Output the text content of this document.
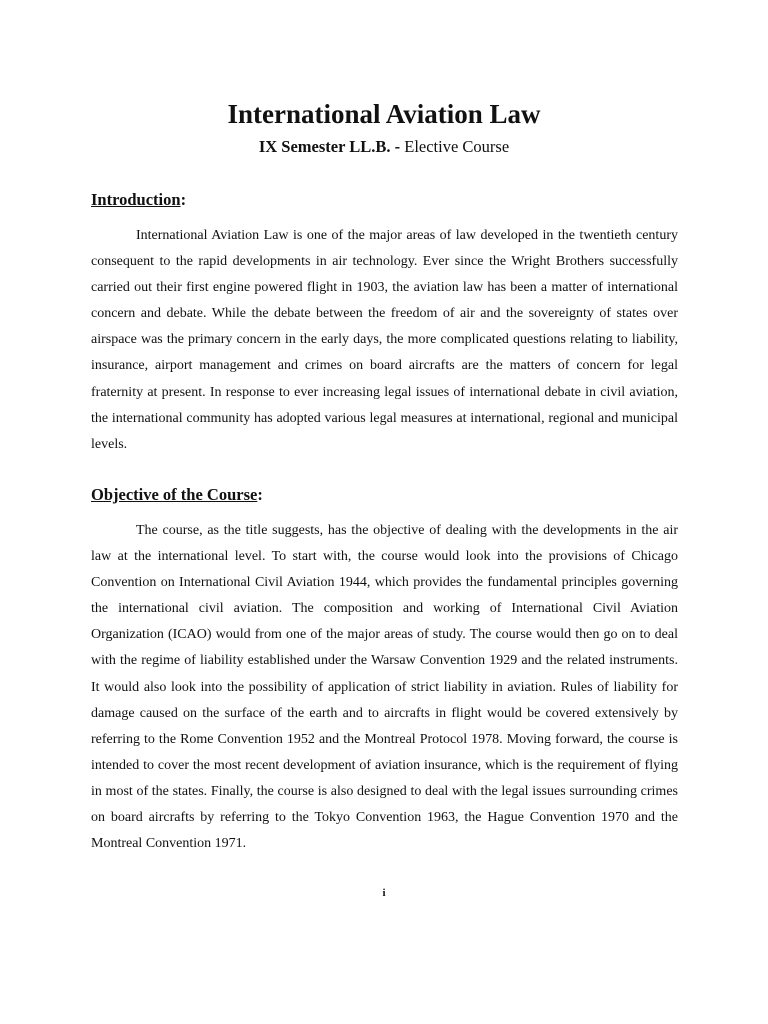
International Aviation Law
IX Semester LL.B. - Elective Course
Introduction:

International Aviation Law is one of the major areas of law developed in the twentieth century consequent to the rapid developments in air technology. Ever since the Wright Brothers successfully carried out their first engine powered flight in 1903, the aviation law has been a matter of international concern and debate. While the debate between the freedom of air and the sovereignty of states over airspace was the primary concern in the early days, the more complicated questions relating to liability, insurance, airport management and crimes on board aircrafts are the matters of concern for legal fraternity at present. In response to ever increasing legal issues of international debate in civil aviation, the international community has adopted various legal measures at international, regional and municipal levels.

Objective of the Course:

The course, as the title suggests, has the objective of dealing with the developments in the air law at the international level. To start with, the course would look into the provisions of Chicago Convention on International Civil Aviation 1944, which provides the fundamental principles governing the international civil aviation. The composition and working of International Civil Aviation Organization (ICAO) would from one of the major areas of study. The course would then go on to deal with the regime of liability established under the Warsaw Convention 1929 and the related instruments. It would also look into the possibility of application of strict liability in aviation. Rules of liability for damage caused on the surface of the earth and to aircrafts in flight would be covered extensively by referring to the Rome Convention 1952 and the Montreal Protocol 1978. Moving forward, the course is intended to cover the most recent development of aviation insurance, which is the requirement of flying in most of the states. Finally, the course is also designed to deal with the legal issues surrounding crimes on board aircrafts by referring to the Tokyo Convention 1963, the Hague Convention 1970 and the Montreal Convention 1971.

i
